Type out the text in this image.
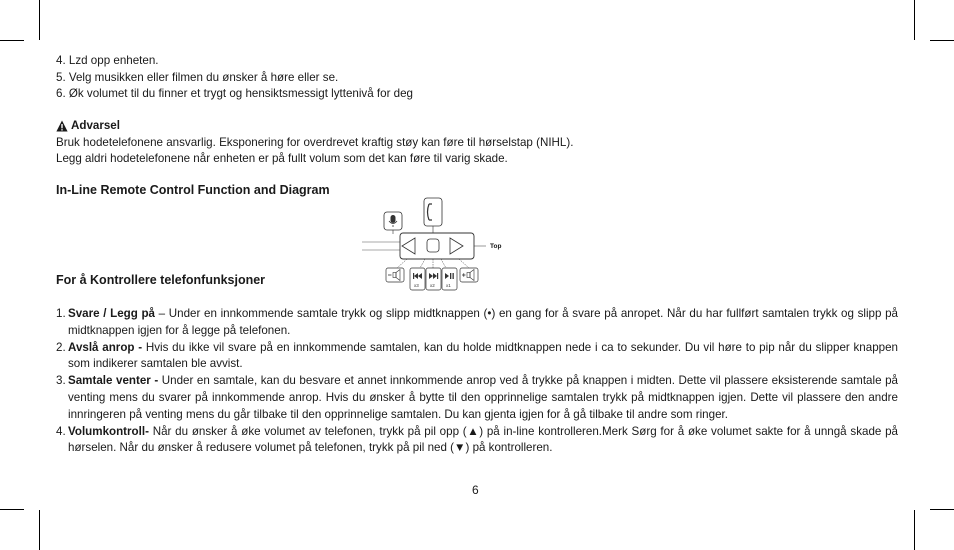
4. Lzd opp enheten.
5. Velg musikken eller filmen du ønsker å høre eller se.
6. Øk volumet til du finner et trygt og hensiktsmessigt lyttenivå for deg
Advarsel
Bruk hodetelefonene ansvarlig. Eksponering for overdrevet kraftig støy kan føre til hørselstap (NIHL).
Legg aldri hodetelefonene når enheten er på fullt volum som det kan føre til varig skade.
In-Line Remote Control Function and Diagram
For å Kontrollere telefonfunksjoner
Top
x3 x2 x1
1. Svare / Legg på – Under en innkommende samtale trykk og slipp midtknappen (•) en gang for å svare på anropet. Når du har fullført samtalen trykk og slipp på midtknappen igjen for å legge på telefonen.
2. Avslå anrop - Hvis du ikke vil svare på en innkommende samtalen, kan du holde midtknappen nede i ca to sekunder. Du vil høre to pip når du slipper knappen som indikerer samtalen ble avvist.
3. Samtale venter - Under en samtale, kan du besvare et annet innkommende anrop ved å trykke på knappen i midten. Dette vil plassere eksisterende samtale på venting mens du svarer på innkommende anrop. Hvis du ønsker å bytte til den opprinnelige samtalen trykk på midtknappen igjen. Dette vil plassere den andre innringeren på venting mens du går tilbake til den opprinnelige samtalen. Du kan gjenta igjen for å gå tilbake til andre som ringer.
4. Volumkontroll- Når du ønsker å øke volumet av telefonen, trykk på pil opp (▲) på in-line kontrolleren.Merk Sørg for å øke volumet sakte for å unngå skade på hørselen. Når du ønsker å redusere volumet på telefonen, trykk på pil ned (▼) på kontrolleren.
6
